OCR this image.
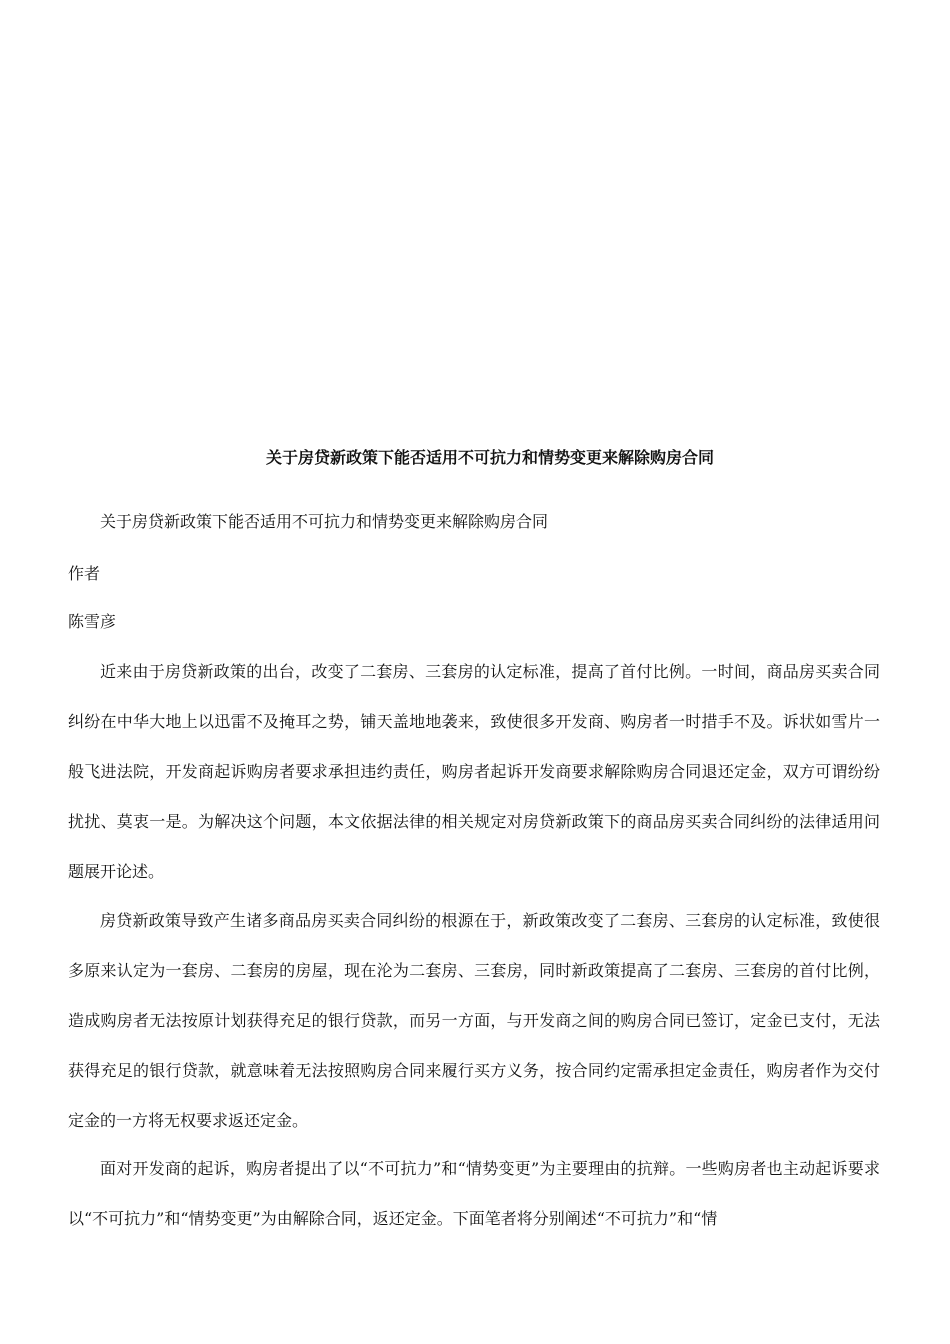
关于房贷新政策下能否适用不可抗力和情势变更来解除购房合同
关于房贷新政策下能否适用不可抗力和情势变更来解除购房合同
作者
陈雪彦

近来由于房贷新政策的出台，改变了二套房、三套房的认定标准，提高了首付比例。一时间，商品房买卖合同纠纷在中华大地上以迅雷不及掩耳之势，铺天盖地地袭来，致使很多开发商、购房者一时措手不及。诉状如雪片一般飞进法院，开发商起诉购房者要求承担违约责任，购房者起诉开发商要求解除购房合同退还定金，双方可谓纷纷扰扰、莫衷一是。为解决这个问题，本文依据法律的相关规定对房贷新政策下的商品房买卖合同纠纷的法律适用问题展开论述。

房贷新政策导致产生诸多商品房买卖合同纠纷的根源在于，新政策改变了二套房、三套房的认定标准，致使很多原来认定为一套房、二套房的房屋，现在沦为二套房、三套房，同时新政策提高了二套房、三套房的首付比例，造成购房者无法按原计划获得充足的银行贷款，而另一方面，与开发商之间的购房合同已签订，定金已支付，无法获得充足的银行贷款，就意味着无法按照购房合同来履行买方义务，按合同约定需承担定金责任，购房者作为交付定金的一方将无权要求返还定金。

面对开发商的起诉，购房者提出了以“不可抗力”和“情势变更”为主要理由的抗辩。一些购房者也主动起诉要求以“不可抗力”和“情势变更”为由解除合同，返还定金。下面笔者将分别阐述“不可抗力”和“情
